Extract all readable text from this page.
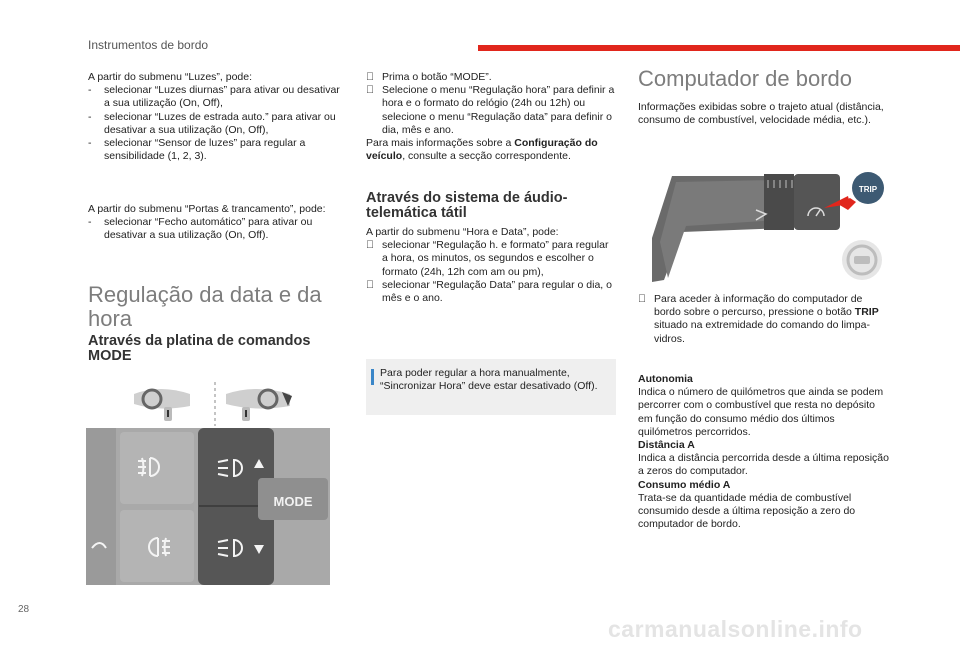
Instrumentos de bordo

A partir do submenu “Luzes”, pode:

- selecionar “Luzes diurnas” para ativar ou desativar a sua utilização (On, Off),
- selecionar “Luzes de estrada auto.” para ativar ou desativar a sua utilização (On, Off),
- selecionar “Sensor de luzes” para regular a sensibilidade (1, 2, 3).

A partir do submenu “Portas & trancamento”, pode:

- selecionar “Fecho automático” para ativar ou desativar a sua utilização (On, Off).
Regulação da data e da hora
Através da platina de comandos MODE
MODE
Prima o botão “MODE”.
Selecione o menu “Regulação hora” para definir a hora e o formato do relógio (24h ou 12h) ou selecione o menu “Regulação data” para definir o dia, mês e ano.

Para mais informações sobre a Configuração do veículo, consulte a secção correspondente.

Através do sistema de áudio-telemática tátil

A partir do submenu “Hora e Data”, pode:

selecionar “Regulação h. e formato” para regular a hora, os minutos, os segundos e escolher o formato (24h, 12h com am ou pm),
selecionar “Regulação Data” para regular o dia, o mês e o ano.
Para poder regular a hora manualmente, “Sincronizar Hora” deve estar desativado (Off).
Computador de bordo
Informações exibidas sobre o trajeto atual (distância, consumo de combustível, velocidade média, etc.).
TRIP
Para aceder à informação do computador de bordo sobre o percurso, pressione o botão TRIP situado na extremidade do comando do limpa-vidros.

Autonomia

Indica o número de quilómetros que ainda se podem percorrer com o combustível que resta no depósito em função do consumo médio dos últimos quilómetros percorridos.

Distância A

Indica a distância percorrida desde a última reposição a zeros do computador.

Consumo médio A

Trata-se da quantidade média de combustível consumido desde a última reposição a zero do computador de bordo.

28
carmanualsonline.info
